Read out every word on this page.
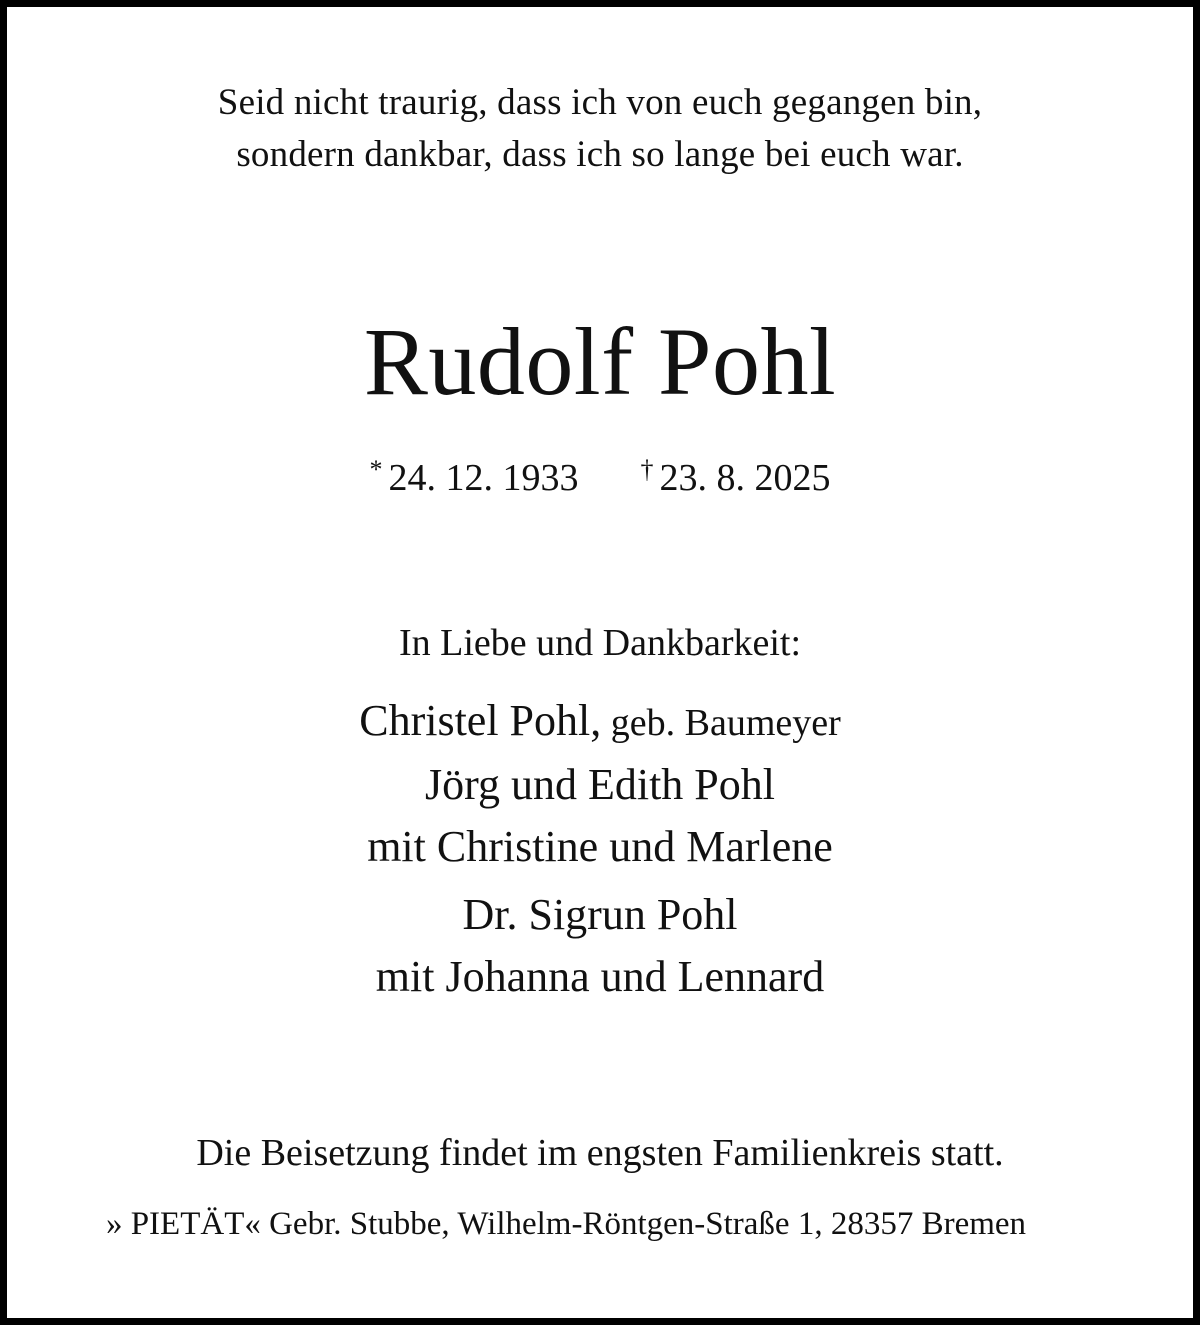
Seid nicht traurig, dass ich von euch gegangen bin,
sondern dankbar, dass ich so lange bei euch war.
Rudolf Pohl
* 24. 12. 1933 † 23. 8. 2025
In Liebe und Dankbarkeit:
Christel Pohl, geb. Baumeyer
Jörg und Edith Pohl
mit Christine und Marlene
Dr. Sigrun Pohl
mit Johanna und Lennard
Die Beisetzung findet im engsten Familienkreis statt.
» PIETÄT« Gebr. Stubbe, Wilhelm-Röntgen-Straße 1, 28357 Bremen
